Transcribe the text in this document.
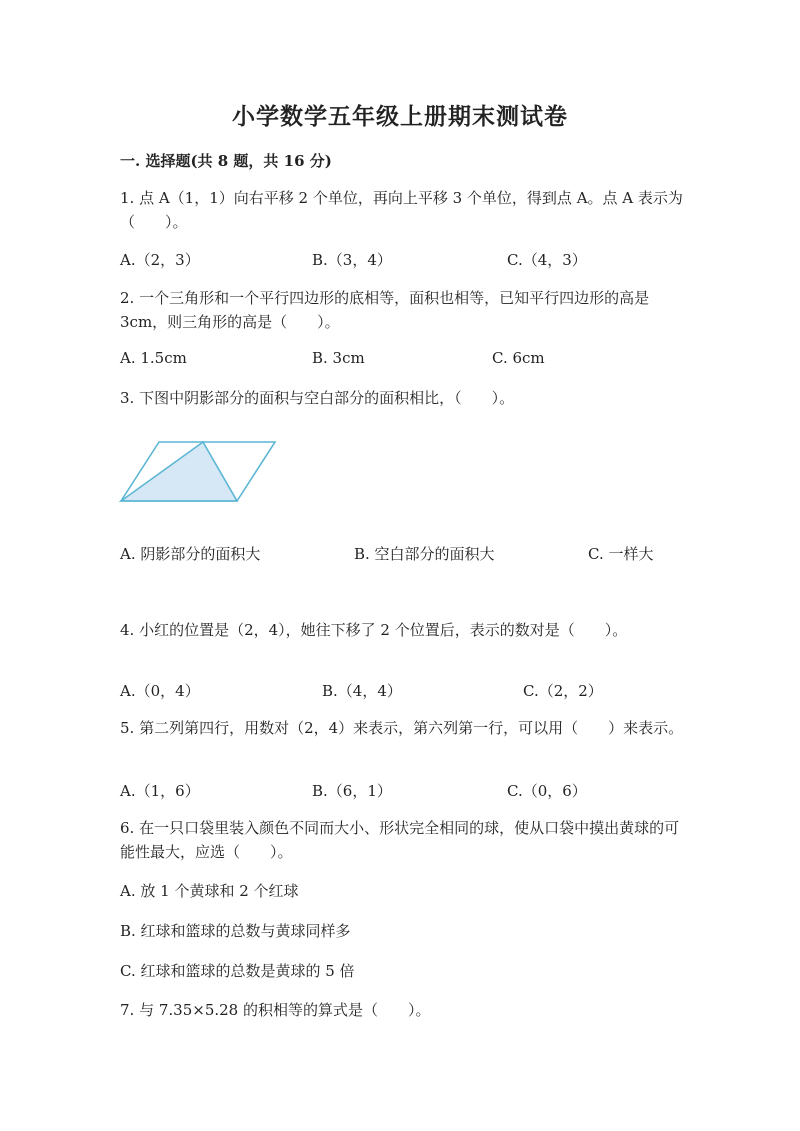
小学数学五年级上册期末测试卷
一. 选择题(共 8 题，共 16 分)
1. 点 A（1，1）向右平移 2 个单位，再向上平移 3 个单位，得到点 A。点 A 表示为（　　）。
A.（2，3）	B.（3，4）	C.（4，3）
2. 一个三角形和一个平行四边形的底相等，面积也相等，已知平行四边形的高是 3cm，则三角形的高是（　　）。
A. 1.5cm	B. 3cm	C. 6cm
3. 下图中阴影部分的面积与空白部分的面积相比，（　　）。
A. 阴影部分的面积大	B. 空白部分的面积大	C. 一样大
4. 小红的位置是（2，4），她往下移了 2 个位置后，表示的数对是（　　）。
A.（0，4）	B.（4，4）	C.（2，2）
5. 第二列第四行，用数对（2，4）来表示，第六列第一行，可以用（　　）来表示。
A.（1，6）	B.（6，1）	C.（0，6）
6. 在一只口袋里装入颜色不同而大小、形状完全相同的球，使从口袋中摸出黄球的可能性最大，应选（　　）。
A. 放 1 个黄球和 2 个红球
B. 红球和篮球的总数与黄球同样多
C. 红球和篮球的总数是黄球的 5 倍
7. 与 7.35×5.28 的积相等的算式是（　　）。
